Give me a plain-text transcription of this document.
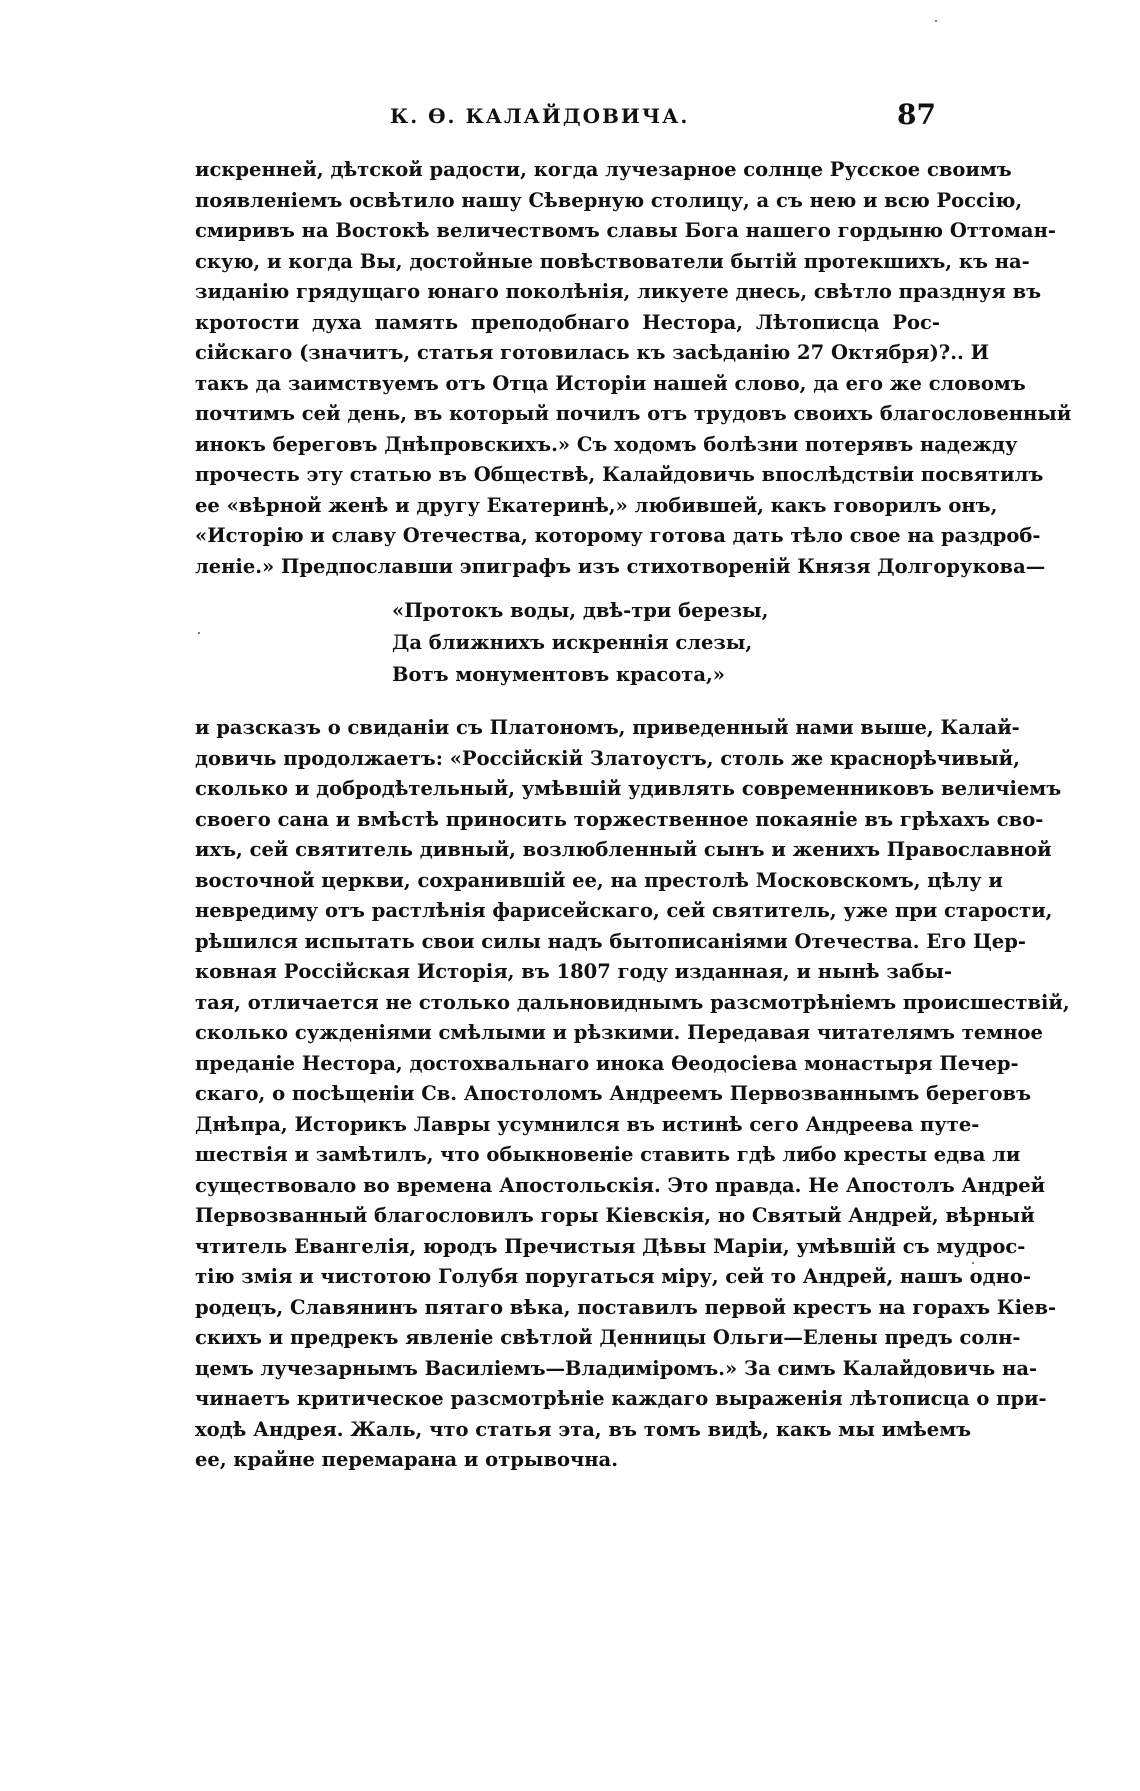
К. Ѳ. КАЛАЙДОВИЧА.	87
искренней, дѣтской радости, когда лучезарное солнце Русское своимъ
появленіемъ освѣтило нашу Сѣверную столицу, а съ нею и всю Россію,
смиривъ на Востокѣ величествомъ славы Бога нашего гордыню Оттоман-
скую, и когда Вы, достойные повѣствователи бытій протекшихъ, къ на-
зиданію грядущаго юнаго поколѣнія, ликуете днесь, свѣтло празднуя въ
кротости духа память преподобнаго Нестора, Лѣтописца Рос-
сійскаго (значитъ, статья готовилась къ засѣданію 27 Октября)?.. И
такъ да заимствуемъ отъ Отца Исторіи нашей слово, да его же словомъ
почтимъ сей день, въ который почилъ отъ трудовъ своихъ благословенный
инокъ береговъ Днѣпровскихъ.» Съ ходомъ болѣзни потерявъ надежду
прочесть эту статью въ Обществѣ, Калайдовичь впослѣдствіи посвятилъ
ее «вѣрной женѣ и другу Екатеринѣ,» любившей, какъ говорилъ онъ,
«Исторію и славу Отечества, которому готова дать тѣло свое на раздроб-
леніе.» Предпославши эпиграфъ изъ стихотвореній Князя Долгорукова—
«Протокъ воды, двѣ-три березы,
Да ближнихъ искреннія слезы,
Вотъ монументовъ красота,»
и разсказъ о свиданіи съ Платономъ, приведенный нами выше, Калай-
довичь продолжаетъ: «Россійскій Златоустъ, столь же краснорѣчивый,
сколько и добродѣтельный, умѣвшій удивлять современниковъ величіемъ
своего сана и вмѣстѣ приносить торжественное покаяніе въ грѣхахъ сво-
ихъ, сей святитель дивный, возлюбленный сынъ и женихъ Православной
восточной церкви, сохранившій ее, на престолѣ Московскомъ, цѣлу и
невредиму отъ растлѣнія фарисейскаго, сей святитель, уже при старости,
рѣшился испытать свои силы надъ бытописаніями Отечества. Его Цер-
ковная Россійская Исторія, въ 1807 году изданная, и нынѣ забы-
тая, отличается не столько дальновиднымъ разсмотрѣніемъ происшествій,
сколько сужденіями смѣлыми и рѣзкими. Передавая читателямъ темное
преданіе Нестора, достохвальнаго инока Ѳеодосіева монастыря Печер-
скаго, о посѣщеніи Св. Апостоломъ Андреемъ Первозваннымъ береговъ
Днѣпра, Историкъ Лавры усумнился въ истинѣ сего Андреева путе-
шествія и замѣтилъ, что обыкновеніе ставить гдѣ либо кресты едва ли
существовало во времена Апостольскія. Это правда. Не Апостолъ Андрей
Первозванный благословилъ горы Кіевскія, но Святый Андрей, вѣрный
чтитель Евангелія, юродъ Пречистыя Дѣвы Маріи, умѣвшій съ мудрос-
тію змія и чистотою Голубя поругаться міру, сей то Андрей, нашъ одно-
родецъ, Славянинъ пятаго вѣка, поставилъ первой крестъ на горахъ Кіев-
скихъ и предрекъ явленіе свѣтлой Денницы Ольги—Елены предъ солн-
цемъ лучезарнымъ Василіемъ—Владиміромъ.» За симъ Калайдовичь на-
чинаетъ критическое разсмотрѣніе каждаго выраженія лѣтописца о при-
ходѣ Андрея. Жаль, что статья эта, въ томъ видѣ, какъ мы имѣемъ
ее, крайне перемарана и отрывочна.
